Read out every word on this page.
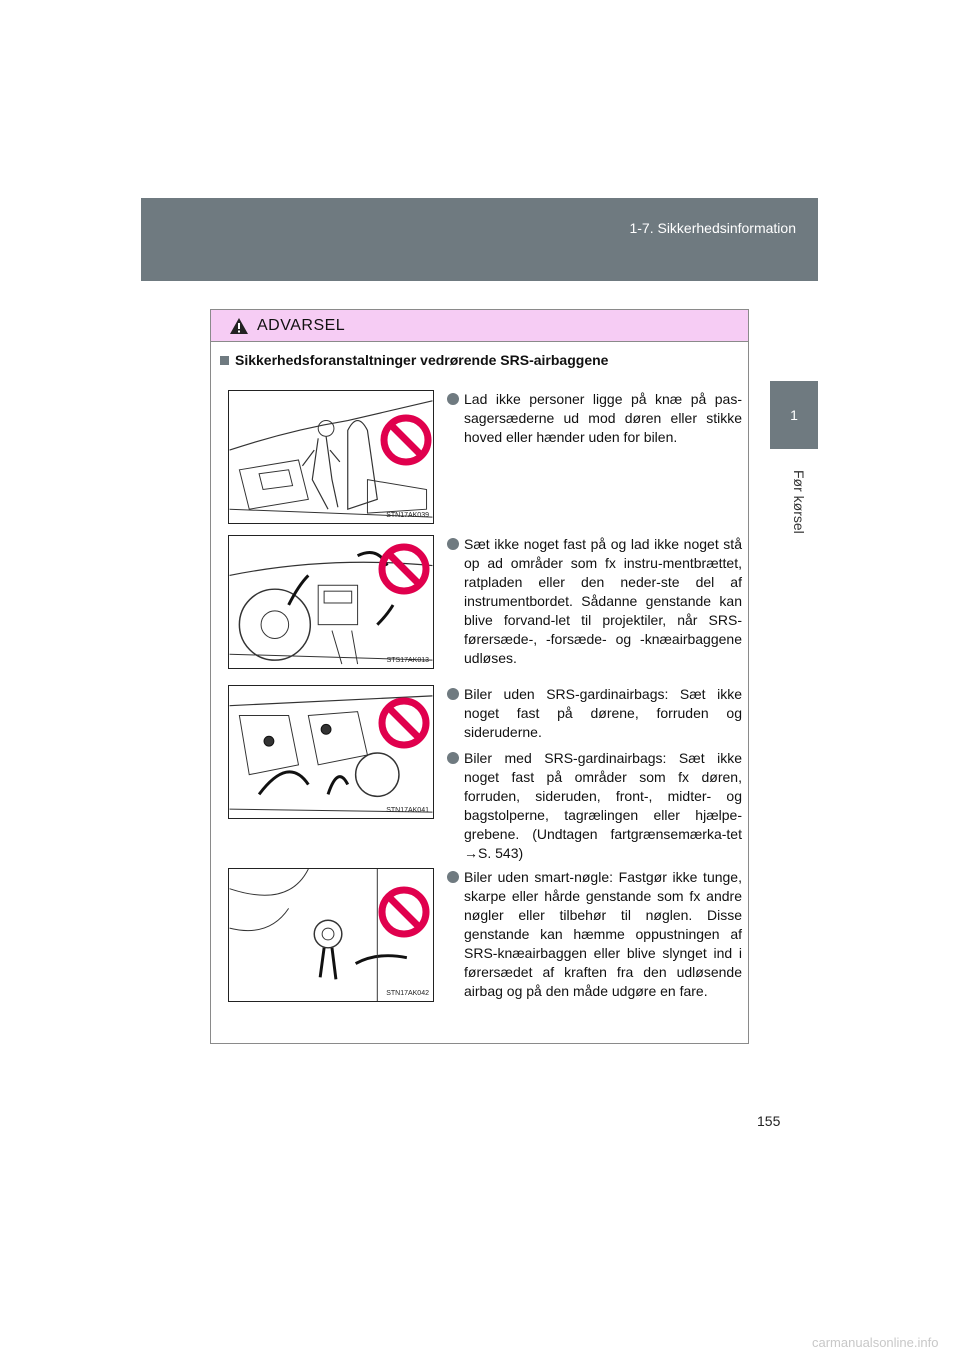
1-7. Sikkerhedsinformation
1
Før kørsel
ADVARSEL
Sikkerhedsforanstaltninger vedrørende SRS-airbaggene
STN17AK039
STS17AK013
STN17AK041
STN17AK042
Lad ikke personer ligge på knæ på pas-sagersæderne ud mod døren eller stikke hoved eller hænder uden for bilen.
Sæt ikke noget fast på og lad ikke noget stå op ad områder som fx instru-mentbrættet, ratpladen eller den neder-ste del af instrumentbordet. Sådanne genstande kan blive forvand-let til projektiler, når SRS-førersæde-, -forsæde- og -knæairbaggene udløses.
Biler uden SRS-gardinairbags: Sæt ikke noget fast på dørene, forruden og sideruderne.
Biler med SRS-gardinairbags: Sæt ikke noget fast på områder som fx døren, forruden, sideruden, front-, midter- og bagstolperne, tagrælingen eller hjælpe-grebene. (Undtagen fartgrænsemærka-tet →S. 543)
Biler uden smart-nøgle: Fastgør ikke tunge, skarpe eller hårde genstande som fx andre nøgler eller tilbehør til nøglen. Disse genstande kan hæmme oppustningen af SRS-knæairbaggen eller blive slynget ind i førersædet af kraften fra den udløsende airbag og på den måde udgøre en fare.
155
carmanualsonline.info
